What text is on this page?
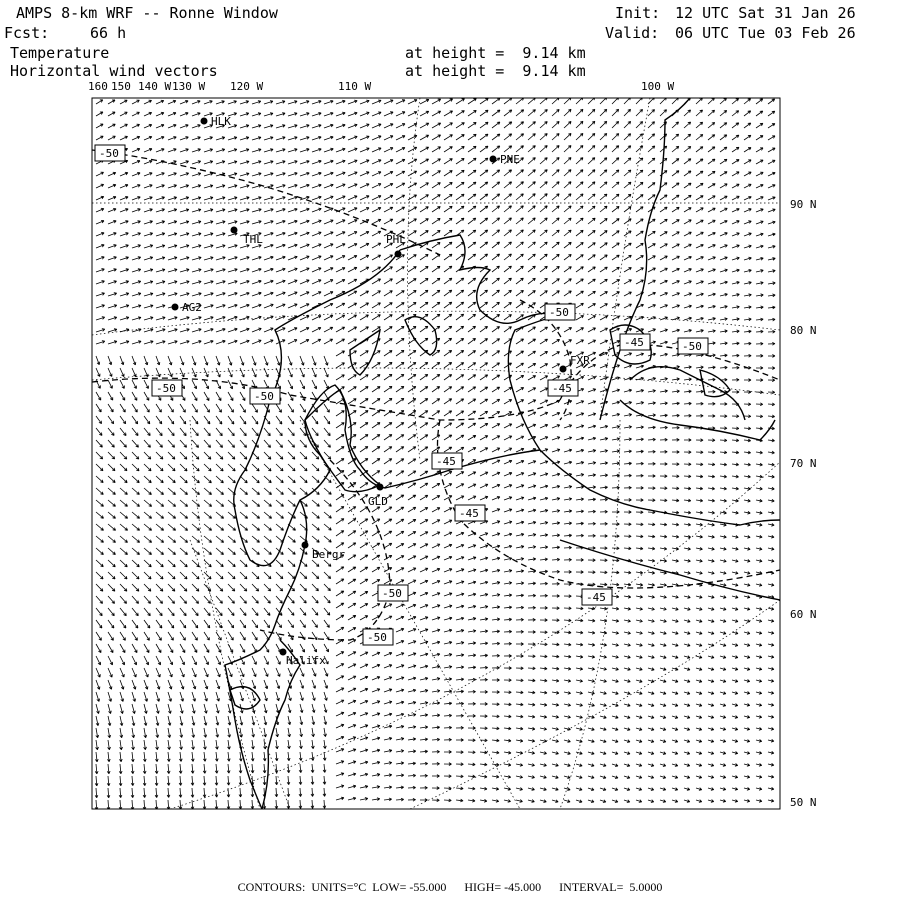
AMPS 8-km WRF -- Ronne Window
Fcst:	66 h
Init: 12 UTC Sat 31 Jan 26
Valid: 06 UTC Tue 03 Feb 26
Temperature	at height =  9.14 km
Horizontal wind vectors	at height =  9.14 km
160 150 140 W 130 W 120 W	110 W	100 W
90 N
80 N
70 N
60 N
50 N
-50
-50
-50
-50
-45
-45
-45
-45
-50
-50
-50
-45
HLK
PNE
THL	PHL
AG2
FXR
GLD
Bergr
Halifx
CONTOURS: UNITS=°C LOW= -55.000 HIGH= -45.000 INTERVAL= 5.0000
